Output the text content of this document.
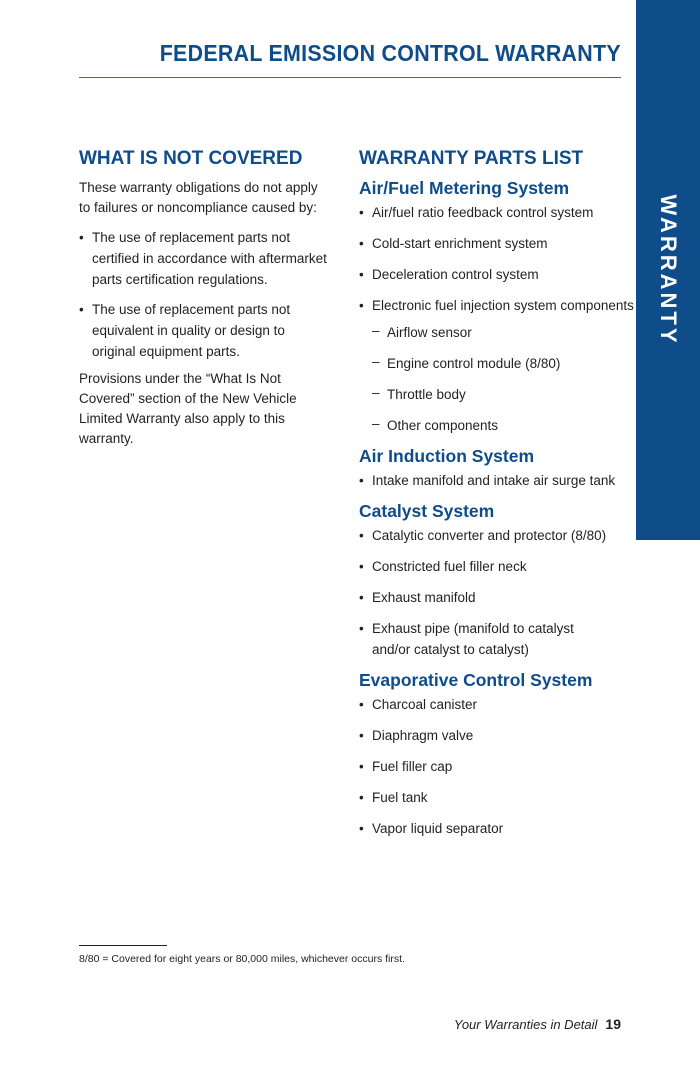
FEDERAL EMISSION CONTROL WARRANTY
WARRANTY
WHAT IS NOT COVERED

These warranty obligations do not apply to failures or noncompliance caused by:

• The use of replacement parts not certified in accordance with aftermarket parts certification regulations.
• The use of replacement parts not equivalent in quality or design to original equipment parts.

Provisions under the “What Is Not Covered” section of the New Vehicle Limited Warranty also apply to this warranty.

WARRANTY PARTS LIST
Air/Fuel Metering System
• Air/fuel ratio feedback control system
• Cold-start enrichment system
• Deceleration control system
• Electronic fuel injection system components
– Airflow sensor
– Engine control module (8/80)
– Throttle body
– Other components
Air Induction System
• Intake manifold and intake air surge tank
Catalyst System
• Catalytic converter and protector (8/80)
• Constricted fuel filler neck
• Exhaust manifold
• Exhaust pipe (manifold to catalyst and/or catalyst to catalyst)
Evaporative Control System
• Charcoal canister
• Diaphragm valve
• Fuel filler cap
• Fuel tank
• Vapor liquid separator

8/80 = Covered for eight years or 80,000 miles, whichever occurs first.

Your Warranties in Detail 19
